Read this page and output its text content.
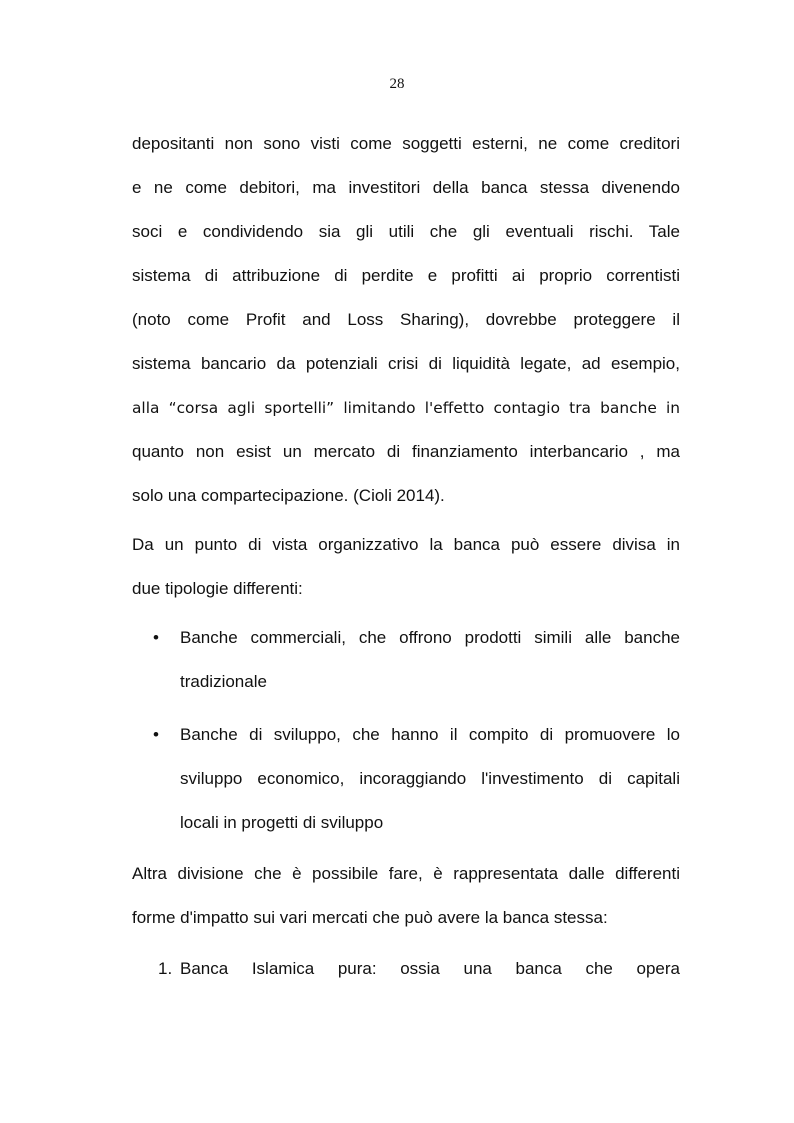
28
depositanti non sono visti come soggetti esterni, ne come creditori
e ne come debitori, ma investitori della banca stessa divenendo
soci e condividendo sia gli utili che gli eventuali rischi. Tale
sistema di attribuzione di perdite e profitti ai proprio correntisti
(noto come Profit and Loss Sharing), dovrebbe proteggere il
sistema bancario da potenziali crisi di liquidità legate, ad esempio,
alla “corsa agli sportelli” limitando l'effetto contagio tra banche in
quanto non esist un mercato di finanziamento interbancario , ma
solo una compartecipazione. (Cioli 2014).
Da un punto di vista organizzativo la banca può essere divisa in
due tipologie differenti:
• Banche commerciali, che offrono prodotti simili alle banche
tradizionale
• Banche di sviluppo, che hanno il compito di promuovere lo
sviluppo economico, incoraggiando l'investimento di capitali
locali in progetti di sviluppo
Altra divisione che è possibile fare, è rappresentata dalle differenti
forme d'impatto sui vari mercati che può avere la banca stessa:
1. Banca Islamica pura: ossia una banca che opera
